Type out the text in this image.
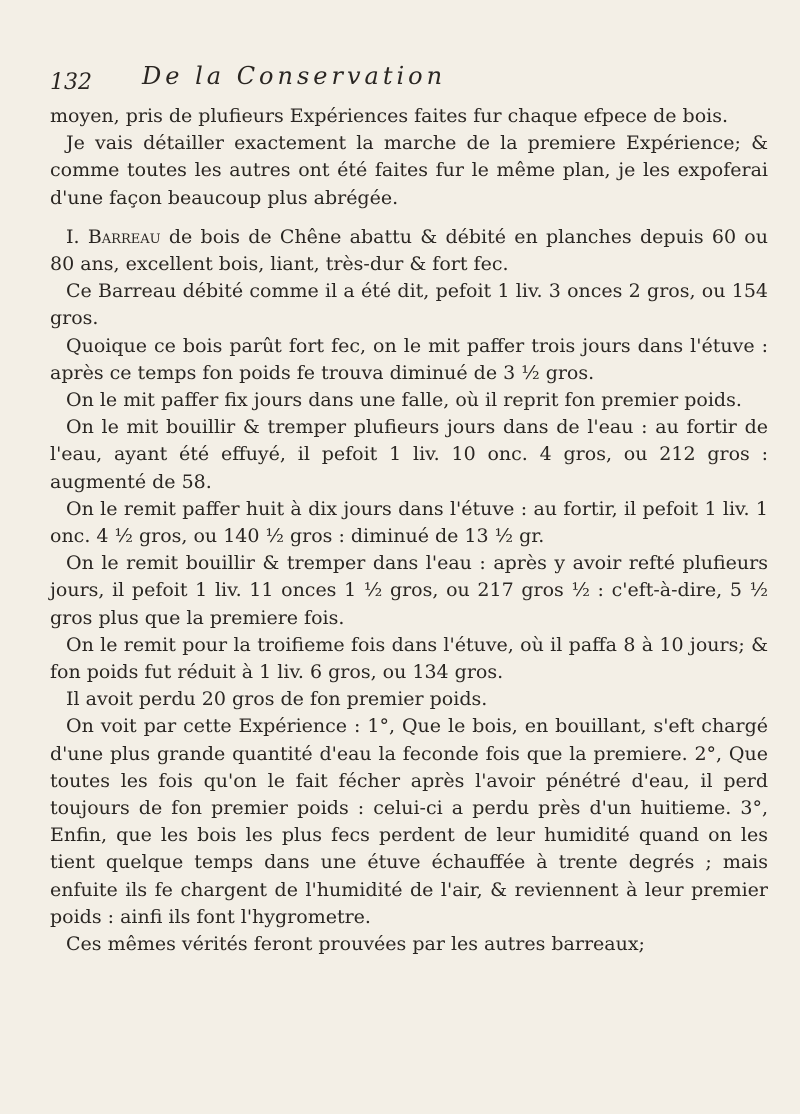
132 De la Conservation

moyen, pris de plufieurs Expériences faites fur chaque efpece de bois.

Je vais détailler exactement la marche de la premiere Expérience; & comme toutes les autres ont été faites fur le même plan, je les expoferai d'une façon beaucoup plus abrégée.

I. Barreau de bois de Chêne abattu & débité en planches depuis 60 ou 80 ans, excellent bois, liant, très-dur & fort fec.

Ce Barreau débité comme il a été dit, pefoit 1 liv. 3 onces 2 gros, ou 154 gros.

Quoique ce bois parût fort fec, on le mit paffer trois jours dans l'étuve : après ce temps fon poids fe trouva diminué de 3 ½ gros.

On le mit paffer fix jours dans une falle, où il reprit fon premier poids.

On le mit bouillir & tremper plufieurs jours dans de l'eau : au fortir de l'eau, ayant été effuyé, il pefoit 1 liv. 10 onc. 4 gros, ou 212 gros : augmenté de 58.

On le remit paffer huit à dix jours dans l'étuve : au fortir, il pefoit 1 liv. 1 onc. 4 ½ gros, ou 140 ½ gros : diminué de 13 ½ gr.

On le remit bouillir & tremper dans l'eau : après y avoir refté plufieurs jours, il pefoit 1 liv. 11 onces 1 ½ gros, ou 217 gros ½ : c'eft-à-dire, 5 ½ gros plus que la premiere fois.

On le remit pour la troifieme fois dans l'étuve, où il paffa 8 à 10 jours; & fon poids fut réduit à 1 liv. 6 gros, ou 134 gros.

Il avoit perdu 20 gros de fon premier poids.

On voit par cette Expérience : 1°, Que le bois, en bouillant, s'eft chargé d'une plus grande quantité d'eau la feconde fois que la premiere. 2°, Que toutes les fois qu'on le fait fécher après l'avoir pénétré d'eau, il perd toujours de fon premier poids : celui-ci a perdu près d'un huitieme. 3°, Enfin, que les bois les plus fecs perdent de leur humidité quand on les tient quelque temps dans une étuve échauffée à trente degrés ; mais enfuite ils fe chargent de l'humidité de l'air, & reviennent à leur premier poids : ainfi ils font l'hygrometre.

Ces mêmes vérités feront prouvées par les autres barreaux;
